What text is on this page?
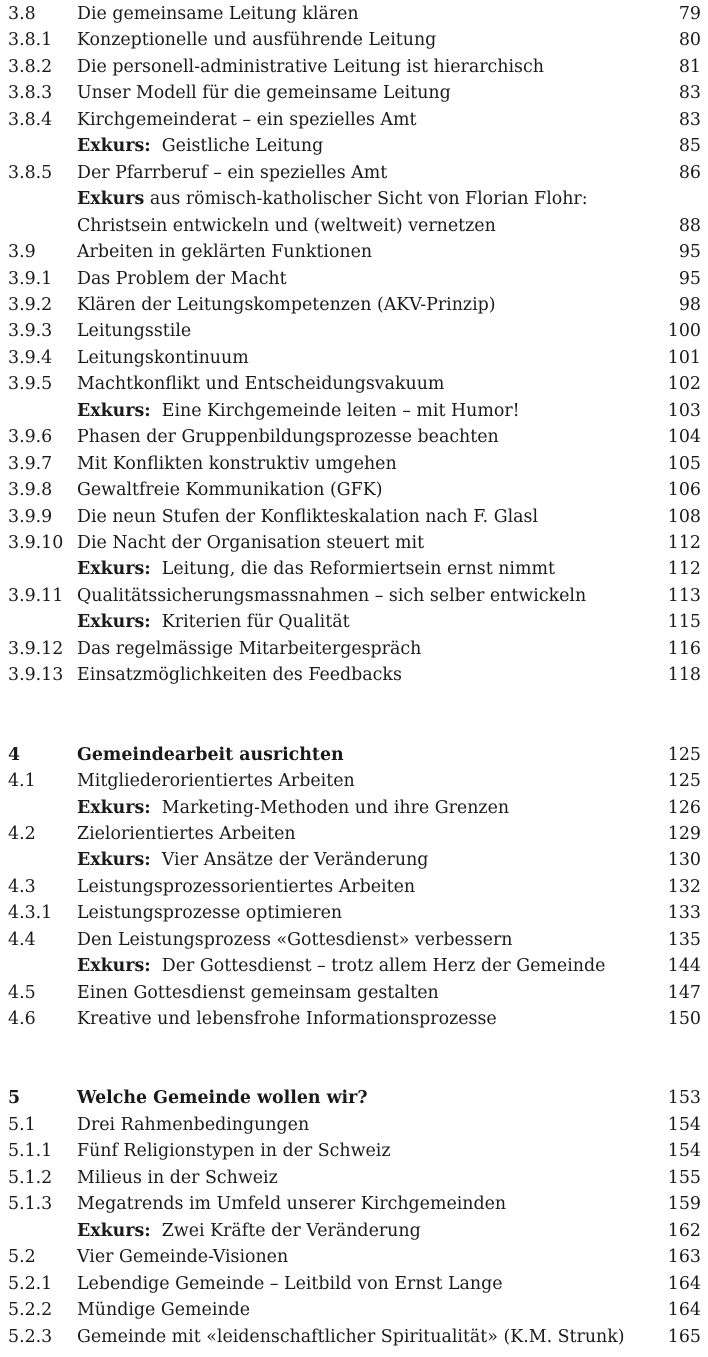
3.8 Die gemeinsame Leitung klären	79
3.8.1 Konzeptionelle und ausführende Leitung	80
3.8.2 Die personell-administrative Leitung ist hierarchisch	81
3.8.3 Unser Modell für die gemeinsame Leitung	83
3.8.4 Kirchgemeinderat – ein spezielles Amt	83
Exkurs: Geistliche Leitung	85
3.8.5 Der Pfarrberuf – ein spezielles Amt	86
Exkurs aus römisch-katholischer Sicht von Florian Flohr:
Christsein entwickeln und (weltweit) vernetzen	88
3.9 Arbeiten in geklärten Funktionen	95
3.9.1 Das Problem der Macht	95
3.9.2 Klären der Leitungskompetenzen (AKV-Prinzip)	98
3.9.3 Leitungsstile	100
3.9.4 Leitungskontinuum	101
3.9.5 Machtkonflikt und Entscheidungsvakuum	102
Exkurs: Eine Kirchgemeinde leiten – mit Humor!	103
3.9.6 Phasen der Gruppenbildungsprozesse beachten	104
3.9.7 Mit Konflikten konstruktiv umgehen	105
3.9.8 Gewaltfreie Kommunikation (GFK)	106
3.9.9 Die neun Stufen der Konflikteskalation nach F. Glasl	108
3.9.10 Die Nacht der Organisation steuert mit	112
Exkurs: Leitung, die das Reformiertsein ernst nimmt	112
3.9.11 Qualitätssicherungsmassnahmen – sich selber entwickeln	113
Exkurs: Kriterien für Qualität	115
3.9.12 Das regelmässige Mitarbeitergespräch	116
3.9.13 Einsatzmöglichkeiten des Feedbacks	118
4	Gemeindearbeit ausrichten	125
4.1 Mitgliederorientiertes Arbeiten	125
Exkurs: Marketing-Methoden und ihre Grenzen	126
4.2 Zielorientiertes Arbeiten	129
Exkurs: Vier Ansätze der Veränderung	130
4.3 Leistungsprozessorientiertes Arbeiten	132
4.3.1 Leistungsprozesse optimieren	133
4.4 Den Leistungsprozess «Gottesdienst» verbessern	135
Exkurs: Der Gottesdienst – trotz allem Herz der Gemeinde	144
4.5 Einen Gottesdienst gemeinsam gestalten	147
4.6 Kreative und lebensfrohe Informationsprozesse	150
5	Welche Gemeinde wollen wir?	153
5.1 Drei Rahmenbedingungen	154
5.1.1 Fünf Religionstypen in der Schweiz	154
5.1.2 Milieus in der Schweiz	155
5.1.3 Megatrends im Umfeld unserer Kirchgemeinden	159
Exkurs: Zwei Kräfte der Veränderung	162
5.2 Vier Gemeinde-Visionen	163
5.2.1 Lebendige Gemeinde – Leitbild von Ernst Lange	164
5.2.2 Mündige Gemeinde	164
5.2.3 Gemeinde mit «leidenschaftlicher Spiritualität» (K.M. Strunk) 165
